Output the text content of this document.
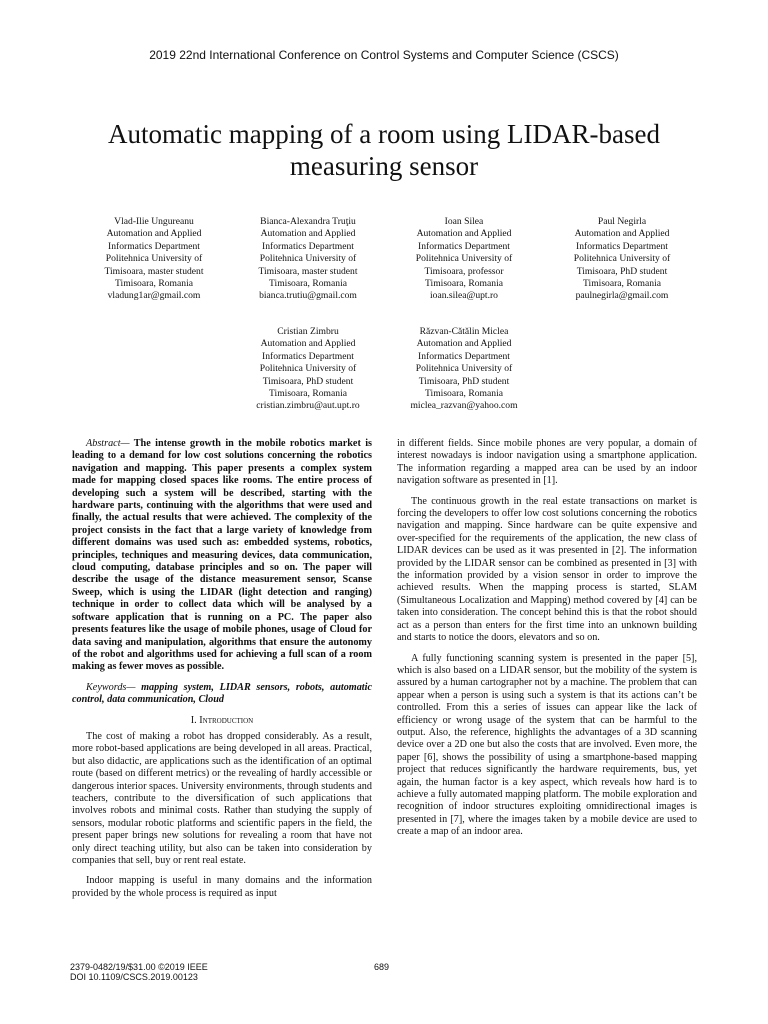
2019 22nd International Conference on Control Systems and Computer Science (CSCS)
Automatic mapping of a room using LIDAR-based
measuring sensor
Vlad-Ilie Ungureanu
Automation and Applied
Informatics Department
Politehnica University of
Timisoara, master student
Timisoara, Romania
vladung1ar@gmail.com
Bianca-Alexandra Truţiu
Automation and Applied
Informatics Department
Politehnica University of
Timisoara, master student
Timisoara, Romania
bianca.trutiu@gmail.com
Ioan Silea
Automation and Applied
Informatics Department
Politehnica University of
Timisoara, professor
Timisoara, Romania
ioan.silea@upt.ro
Paul Negirla
Automation and Applied
Informatics Department
Politehnica University of
Timisoara, PhD student
Timisoara, Romania
paulnegirla@gmail.com
Cristian Zimbru
Automation and Applied
Informatics Department
Politehnica University of
Timisoara, PhD student
Timisoara, Romania
cristian.zimbru@aut.upt.ro
Răzvan-Cătălin Miclea
Automation and Applied
Informatics Department
Politehnica University of
Timisoara, PhD student
Timisoara, Romania
miclea_razvan@yahoo.com
Abstract— The intense growth in the mobile robotics market is leading to a demand for low cost solutions concerning the robotics navigation and mapping. This paper presents a complex system made for mapping closed spaces like rooms. The entire process of developing such a system will be described, starting with the hardware parts, continuing with the algorithms that were used and finally, the actual results that were achieved. The complexity of the project consists in the fact that a large variety of knowledge from different domains was used such as: embedded systems, robotics, principles, techniques and measuring devices, data communication, cloud computing, database principles and so on. The paper will describe the usage of the distance measurement sensor, Scanse Sweep, which is using the LIDAR (light detection and ranging) technique in order to collect data which will be analysed by a software application that is running on a PC. The paper also presents features like the usage of mobile phones, usage of Cloud for data saving and manipulation, algorithms that ensure the autonomy of the robot and algorithms used for achieving a full scan of a room making as fewer moves as possible.
Keywords— mapping system, LIDAR sensors, robots, automatic control, data communication, Cloud
I. Introduction

The cost of making a robot has dropped considerably. As a result, more robot-based applications are being developed in all areas. Practical, but also didactic, are applications such as the identification of an optimal route (based on different metrics) or the revealing of hardly accessible or dangerous interior spaces. University environments, through students and teachers, contribute to the diversification of such applications that involves robots and minimal costs. Rather than studying the supply of sensors, modular robotic platforms and scientific papers in the field, the present paper brings new solutions for revealing a room that have not only direct teaching utility, but also can be taken into consideration by companies that sell, buy or rent real estate.

Indoor mapping is useful in many domains and the information provided by the whole process is required as input

in different fields. Since mobile phones are very popular, a domain of interest nowadays is indoor navigation using a smartphone application. The information regarding a mapped area can be used by an indoor navigation software as presented in [1].

The continuous growth in the real estate transactions on market is forcing the developers to offer low cost solutions concerning the robotics navigation and mapping. Since hardware can be quite expensive and over-specified for the requirements of the application, the new class of LIDAR devices can be used as it was presented in [2]. The information provided by the LIDAR sensor can be combined as presented in [3] with the information provided by a vision sensor in order to improve the achieved results. When the mapping process is started, SLAM (Simultaneous Localization and Mapping) method covered by [4] can be taken into consideration. The concept behind this is that the robot should act as a person than enters for the first time into an unknown building and starts to notice the doors, elevators and so on.

A fully functioning scanning system is presented in the paper [5], which is also based on a LIDAR sensor, but the mobility of the system is assured by a human cartographer not by a machine. The problem that can appear when a person is using such a system is that its actions can’t be controlled. From this a series of issues can appear like the lack of efficiency or wrong usage of the system that can be harmful to the output. Also, the reference, highlights the advantages of a 3D scanning device over a 2D one but also the costs that are involved. Even more, the paper [6], shows the possibility of using a smartphone-based mapping project that reduces significantly the hardware requirements, bus, yet again, the human factor is a key aspect, which reveals how hard is to achieve a fully automated mapping platform. The mobile exploration and recognition of indoor structures exploiting omnidirectional images is presented in [7], where the images taken by a mobile device are used to create a map of an indoor area.

2379-0482/19/$31.00 ©2019 IEEE
DOI 10.1109/CSCS.2019.00123
689
